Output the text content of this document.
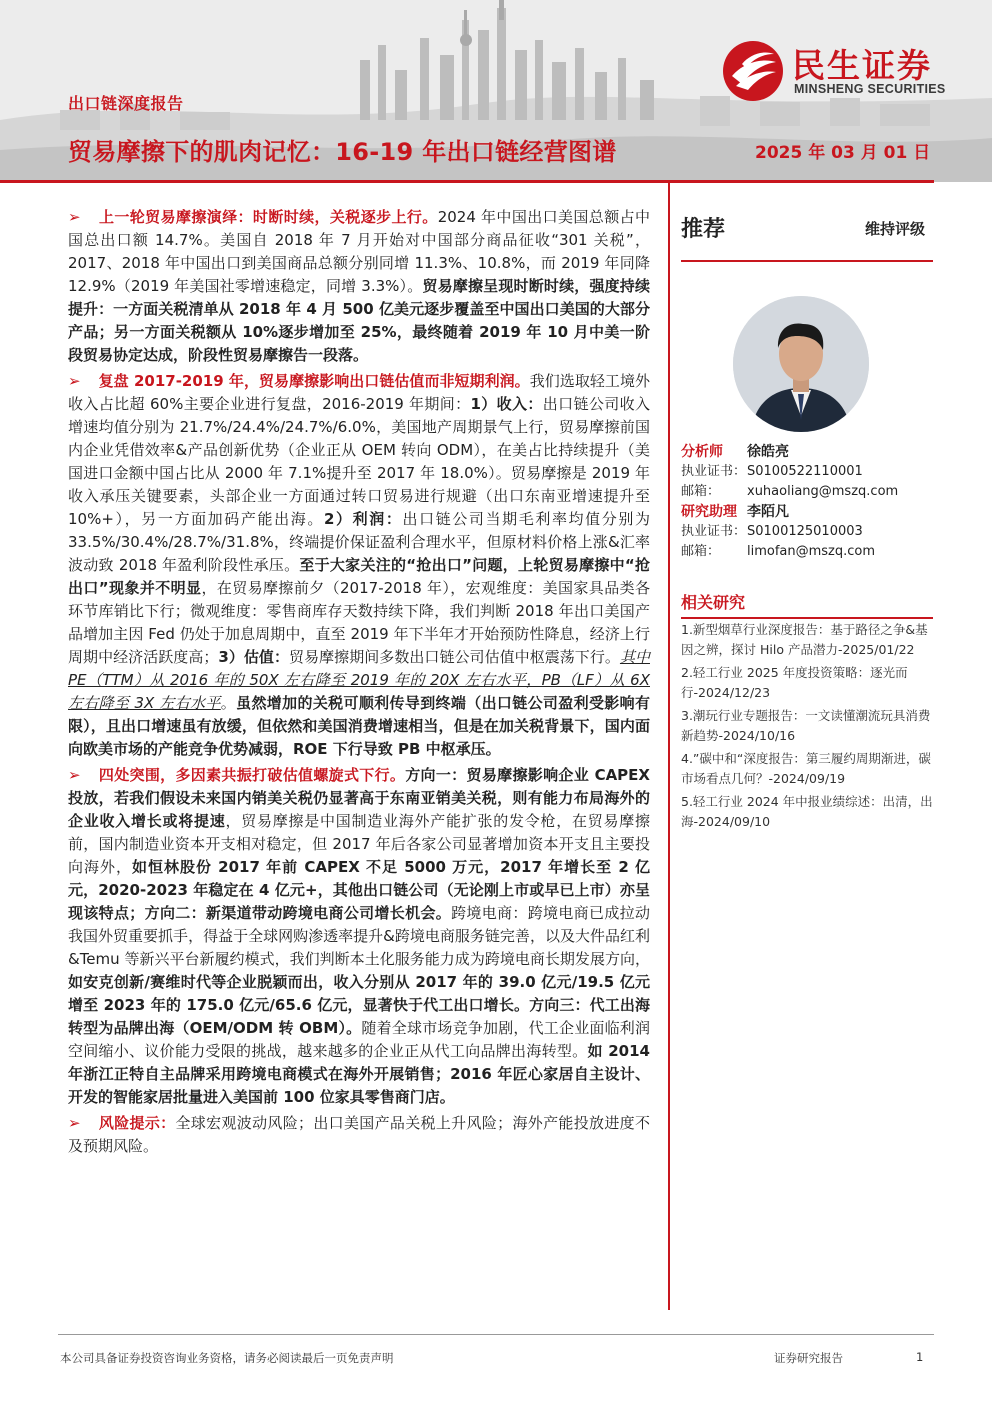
出口链深度报告
贸易摩擦下的肌肉记忆：16-19 年出口链经营图谱	2025 年 03 月 01 日
民生证券
MINSHENG SECURITIES

➢ 上一轮贸易摩擦演绎：时断时续，关税逐步上行。2024 年中国出口美国总额占中国总出口额 14.7%。美国自 2018 年 7 月开始对中国部分商品征收“301 关税”，2017、2018 年中国出口到美国商品总额分别同增 11.3%、10.8%，而 2019 年同降 12.9%（2019 年美国社零增速稳定，同增 3.3%）。贸易摩擦呈现时断时续，强度持续提升：一方面关税清单从 2018 年 4 月 500 亿美元逐步覆盖至中国出口美国的大部分产品；另一方面关税额从 10%逐步增加至 25%，最终随着 2019 年 10 月中美一阶段贸易协定达成，阶段性贸易摩擦告一段落。

➢ 复盘 2017-2019 年，贸易摩擦影响出口链估值而非短期利润。我们选取轻工境外收入占比超 60%主要企业进行复盘，2016-2019 年期间：1）收入：出口链公司收入增速均值分别为 21.7%/24.4%/24.7%/6.0%，美国地产周期景气上行，贸易摩擦前国内企业凭借效率&产品创新优势（企业正从 OEM 转向 ODM），在美占比持续提升（美国进口金额中国占比从 2000 年 7.1%提升至 2017 年 18.0%）。贸易摩擦是 2019 年收入承压关键要素，头部企业一方面通过转口贸易进行规避（出口东南亚增速提升至 10%+），另一方面加码产能出海。2）利润：出口链公司当期毛利率均值分别为 33.5%/30.4%/28.7%/31.8%，终端提价保证盈利合理水平，但原材料价格上涨&汇率波动致 2018 年盈利阶段性承压。至于大家关注的“抢出口”问题，上轮贸易摩擦中“抢出口”现象并不明显，在贸易摩擦前夕（2017-2018 年），宏观维度：美国家具品类各环节库销比下行；微观维度：零售商库存天数持续下降，我们判断 2018 年出口美国产品增加主因 Fed 仍处于加息周期中，直至 2019 年下半年才开始预防性降息，经济上行周期中经济活跃度高；3）估值：贸易摩擦期间多数出口链公司估值中枢震荡下行。其中 PE（TTM）从 2016 年的 50X 左右降至 2019 年的 20X 左右水平，PB（LF）从 6X 左右降至 3X 左右水平。虽然增加的关税可顺利传导到终端（出口链公司盈利受影响有限），且出口增速虽有放缓，但依然和美国消费增速相当，但是在加关税背景下，国内面向欧美市场的产能竞争优势减弱，ROE 下行导致 PB 中枢承压。

➢ 四处突围，多因素共振打破估值螺旋式下行。方向一：贸易摩擦影响企业 CAPEX 投放，若我们假设未来国内销美关税仍显著高于东南亚销美关税，则有能力布局海外的企业收入增长或将提速，贸易摩擦是中国制造业海外产能扩张的发令枪，在贸易摩擦前，国内制造业资本开支相对稳定，但 2017 年后各家公司显著增加资本开支且主要投向海外，如恒林股份 2017 年前 CAPEX 不足 5000 万元，2017 年增长至 2 亿元，2020-2023 年稳定在 4 亿元+，其他出口链公司（无论刚上市或早已上市）亦呈现该特点；方向二：新渠道带动跨境电商公司增长机会。跨境电商：跨境电商已成拉动我国外贸重要抓手，得益于全球网购渗透率提升&跨境电商服务链完善，以及大件品红利&Temu 等新兴平台新履约模式，我们判断本土化服务能力成为跨境电商长期发展方向，如安克创新/赛维时代等企业脱颖而出，收入分别从 2017 年的 39.0 亿元/19.5 亿元增至 2023 年的 175.0 亿元/65.6 亿元，显著快于代工出口增长。方向三：代工出海转型为品牌出海（OEM/ODM 转 OBM）。随着全球市场竞争加剧，代工企业面临利润空间缩小、议价能力受限的挑战，越来越多的企业正从代工向品牌出海转型。如 2014 年浙江正特自主品牌采用跨境电商模式在海外开展销售；2016 年匠心家居自主设计、开发的智能家居批量进入美国前 100 位家具零售商门店。

➢ 风险提示：全球宏观波动风险；出口美国产品关税上升风险；海外产能投放进度不及预期风险。

推荐	维持评级
分析师 徐皓亮
执业证书： S0100522110001
邮箱： xuhaoliang@mszq.com
研究助理 李陌凡
执业证书： S0100125010003
邮箱： limofan@mszq.com
相关研究
1.新型烟草行业深度报告：基于路径之争&基因之辨，探讨 Hilo 产品潜力-2025/01/22
2.轻工行业 2025 年度投资策略：逐光而行-2024/12/23
3.潮玩行业专题报告：一文读懂潮流玩具消费新趋势-2024/10/16
4.”碳中和“深度报告：第三履约周期渐进，碳市场看点几何？-2024/09/19
5.轻工行业 2024 年中报业绩综述：出清，出海-2024/09/10
本公司具备证券投资咨询业务资格，请务必阅读最后一页免责声明	证券研究报告	1
